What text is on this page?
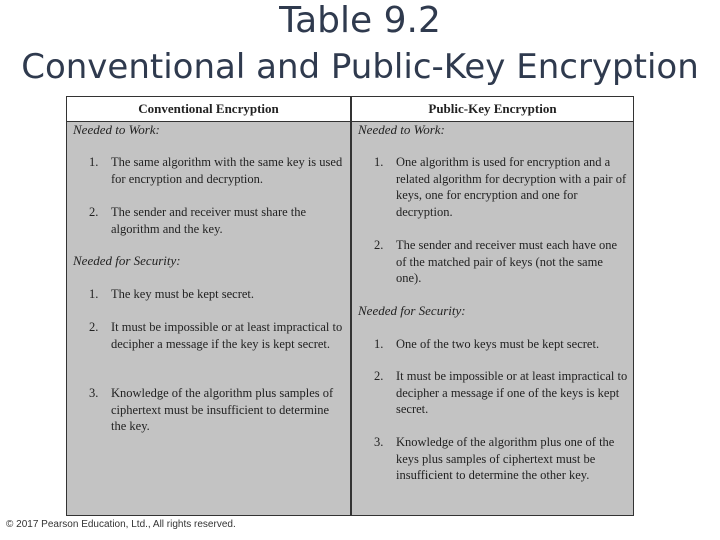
Table 9.2
Conventional and Public-Key Encryption
Conventional Encryption
Needed to Work:
1. The same algorithm with the same key is used for encryption and decryption.
2. The sender and receiver must share the algorithm and the key.
Needed for Security:
1. The key must be kept secret.
2. It must be impossible or at least impractical to decipher a message if the key is kept secret.
3. Knowledge of the algorithm plus samples of ciphertext must be insufficient to determine the key.
Public-Key Encryption
Needed to Work:
1. One algorithm is used for encryption and a related algorithm for decryption with a pair of keys, one for encryption and one for decryption.
2. The sender and receiver must each have one of the matched pair of keys (not the same one).
Needed for Security:
1. One of the two keys must be kept secret.
2. It must be impossible or at least impractical to decipher a message if one of the keys is kept secret.
3. Knowledge of the algorithm plus one of the keys plus samples of ciphertext must be insufficient to determine the other key.
© 2017 Pearson Education, Ltd., All rights reserved.
